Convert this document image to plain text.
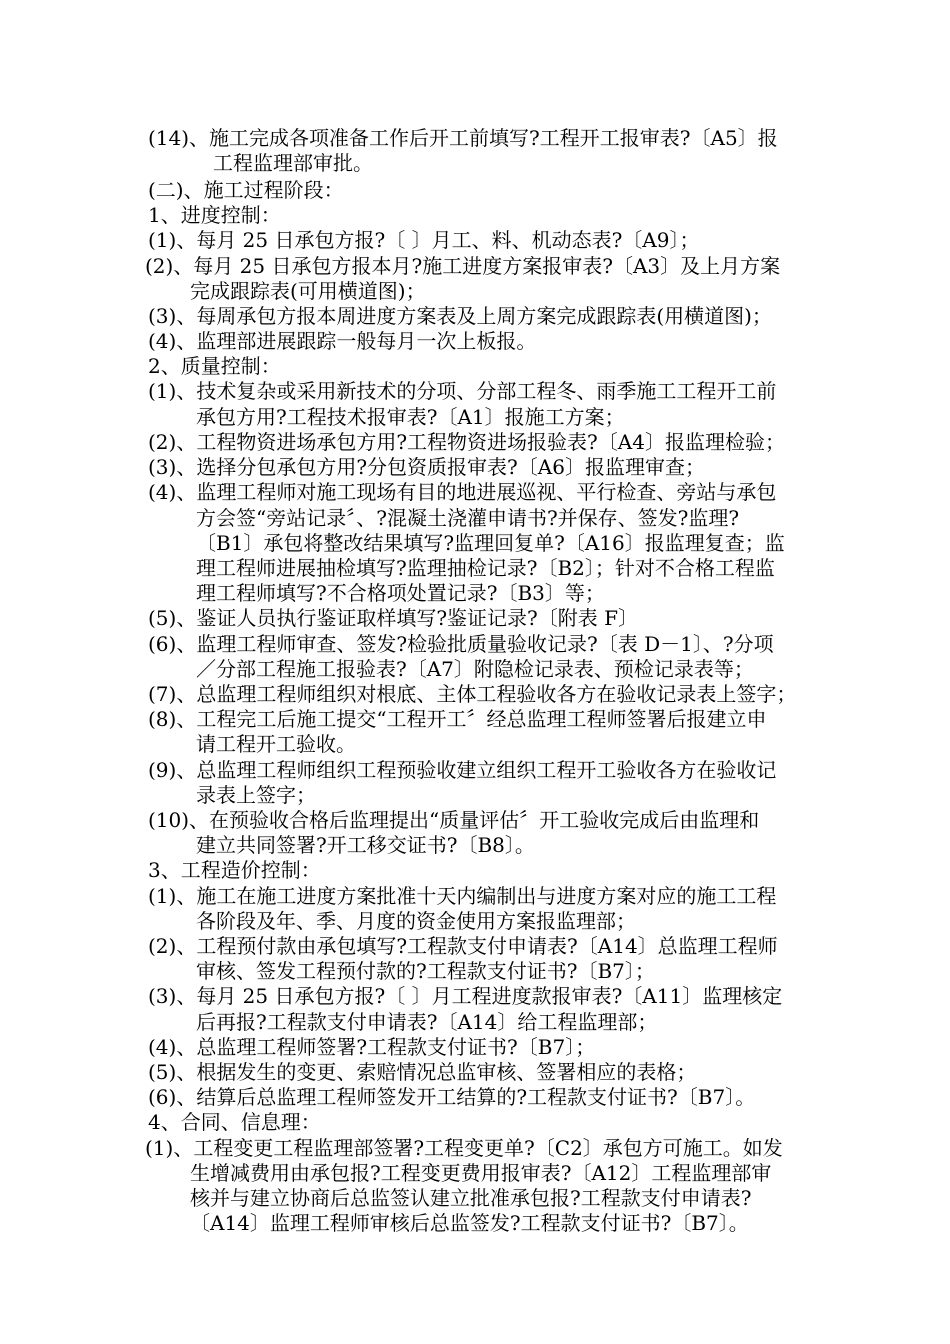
(14)、施工完成各项准备工作后开工前填写?工程开工报审表?〔A5〕报
工程监理部审批。
(二)、施工过程阶段：
1、进度控制：
(1)、每月 25 日承包方报?〔 〕月工、料、机动态表?〔A9〕；
(2)、每月 25 日承包方报本月?施工进度方案报审表?〔A3〕及上月方案
完成跟踪表(可用横道图)；
(3)、每周承包方报本周进度方案表及上周方案完成跟踪表(用横道图)；
(4)、监理部进展跟踪一般每月一次上板报。
2、质量控制：
(1)、技术复杂或采用新技术的分项、分部工程冬、雨季施工工程开工前
承包方用?工程技术报审表?〔A1〕报施工方案；
(2)、工程物资进场承包方用?工程物资进场报验表?〔A4〕报监理检验；
(3)、选择分包承包方用?分包资质报审表?〔A6〕报监理审查；
(4)、监理工程师对施工现场有目的地进展巡视、平行检查、旁站与承包
方会签“旁站记录〞、?混凝土浇灌申请书?并保存、签发?监理?
〔B1〕承包将整改结果填写?监理回复单?〔A16〕报监理复查；监
理工程师进展抽检填写?监理抽检记录?〔B2〕；针对不合格工程监
理工程师填写?不合格项处置记录?〔B3〕等；
(5)、鉴证人员执行鉴证取样填写?鉴证记录?〔附表 F〕
(6)、监理工程师审查、签发?检验批质量验收记录?〔表 D－1〕、?分项
／分部工程施工报验表?〔A7〕附隐检记录表、预检记录表等；
(7)、总监理工程师组织对根底、主体工程验收各方在验收记录表上签字；
(8)、工程完工后施工提交“工程开工〞经总监理工程师签署后报建立申
请工程开工验收。
(9)、总监理工程师组织工程预验收建立组织工程开工验收各方在验收记
录表上签字；
(10)、在预验收合格后监理提出“质量评估〞开工验收完成后由监理和
建立共同签署?开工移交证书?〔B8〕。
3、工程造价控制：
(1)、施工在施工进度方案批准十天内编制出与进度方案对应的施工工程
各阶段及年、季、月度的资金使用方案报监理部；
(2)、工程预付款由承包填写?工程款支付申请表?〔A14〕总监理工程师
审核、签发工程预付款的?工程款支付证书?〔B7〕；
(3)、每月 25 日承包方报?〔 〕月工程进度款报审表?〔A11〕监理核定
后再报?工程款支付申请表?〔A14〕给工程监理部；
(4)、总监理工程师签署?工程款支付证书?〔B7〕；
(5)、根据发生的变更、索赔情况总监审核、签署相应的表格；
(6)、结算后总监理工程师签发开工结算的?工程款支付证书?〔B7〕。
4、合同、信息理：
(1)、工程变更工程监理部签署?工程变更单?〔C2〕承包方可施工。如发
生增减费用由承包报?工程变更费用报审表?〔A12〕工程监理部审
核并与建立协商后总监签认建立批准承包报?工程款支付申请表?
〔A14〕监理工程师审核后总监签发?工程款支付证书?〔B7〕。
